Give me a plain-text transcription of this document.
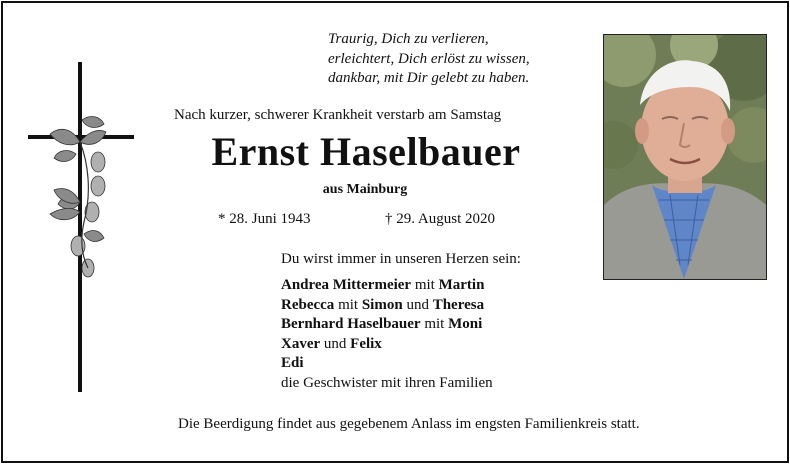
Traurig, Dich zu verlieren,
erleichtert, Dich erlöst zu wissen,
dankbar, mit Dir gelebt zu haben.
Nach kurzer, schwerer Krankheit verstarb am Samstag
Ernst Haselbauer
aus Mainburg
* 28. Juni 1943	† 29. August 2020
Du wirst immer in unseren Herzen sein:
Andrea Mittermeier mit Martin
Rebecca mit Simon und Theresa
Bernhard Haselbauer mit Moni
Xaver und Felix
Edi
die Geschwister mit ihren Familien
Die Beerdigung findet aus gegebenem Anlass im engsten Familienkreis statt.
